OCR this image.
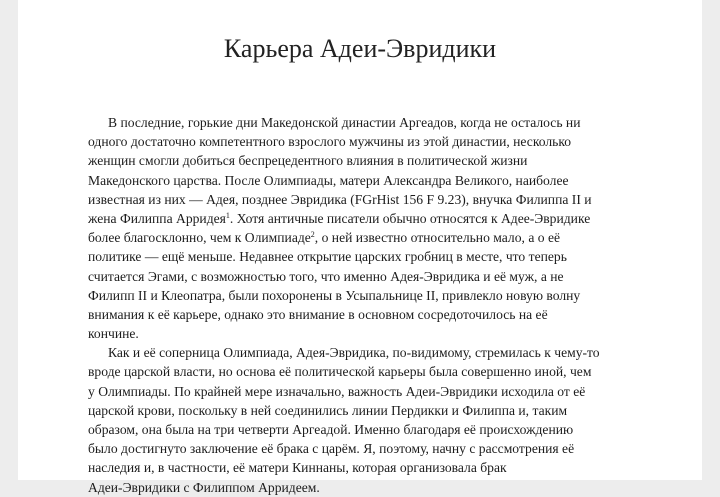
Карьера Адеи-Эвридики
В последние, горькие дни Македонской династии Аргеадов, когда не осталось ни
одного достаточно компетентного взрослого мужчины из этой династии, несколько
женщин смогли добиться беспрецедентного влияния в политической жизни
Македонского царства. После Олимпиады, матери Александра Великого, наиболее
известная из них — Адея, позднее Эвридика (FGrHist 156 F 9.23), внучка Филиппа II и
жена Филиппа Арридея$^1$. Хотя античные писатели обычно относятся к Адее-Эвридике
более благосклонно, чем к Олимпиаде$^2$, о ней известно относительно мало, а о её
политике — ещё меньше. Недавнее открытие царских гробниц в месте, что теперь
считается Эгами, с возможностью того, что именно Адея-Эвридика и её муж, а не
Филипп II и Клеопатра, были похоронены в Усыпальнице II, привлекло новую волну
внимания к её карьере, однако это внимание в основном сосредоточилось на её
кончине.
Как и её соперница Олимпиада, Адея-Эвридика, по-видимому, стремилась к чему-то
вроде царской власти, но основа её политической карьеры была совершенно иной, чем
у Олимпиады. По крайней мере изначально, важность Адеи-Эвридики исходила от её
царской крови, поскольку в ней соединились линии Пердикки и Филиппа и, таким
образом, она была на три четверти Аргеадой. Именно благодаря её происхождению
было достигнуто заключение её брака с царём. Я, поэтому, начну с рассмотрения её
наследия и, в частности, её матери Киннаны, которая организовала брак
Адеи-Эвридики с Филиппом Арридеем.
